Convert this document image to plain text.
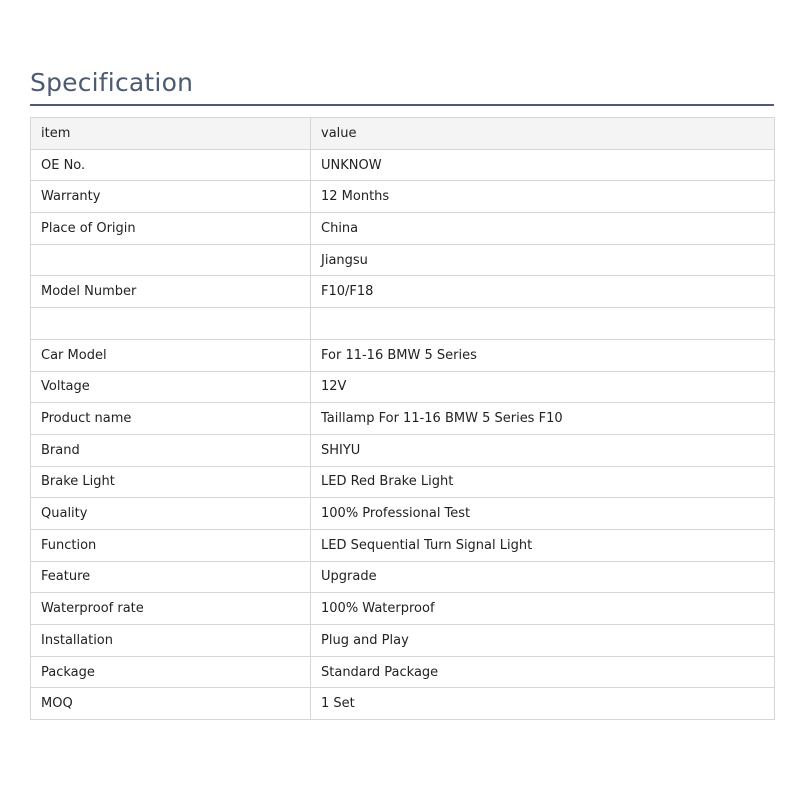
Specification
item	value
OE No.	UNKNOW
Warranty	12 Months
Place of Origin	China
	Jiangsu
Model Number	F10/F18

Car Model	For 11-16 BMW 5 Series
Voltage	12V
Product name	Taillamp For 11-16 BMW 5 Series F10
Brand	SHIYU
Brake Light	LED Red Brake Light
Quality	100% Professional Test
Function	LED Sequential Turn Signal Light
Feature	Upgrade
Waterproof rate	100% Waterproof
Installation	Plug and Play
Package	Standard Package
MOQ	1 Set
